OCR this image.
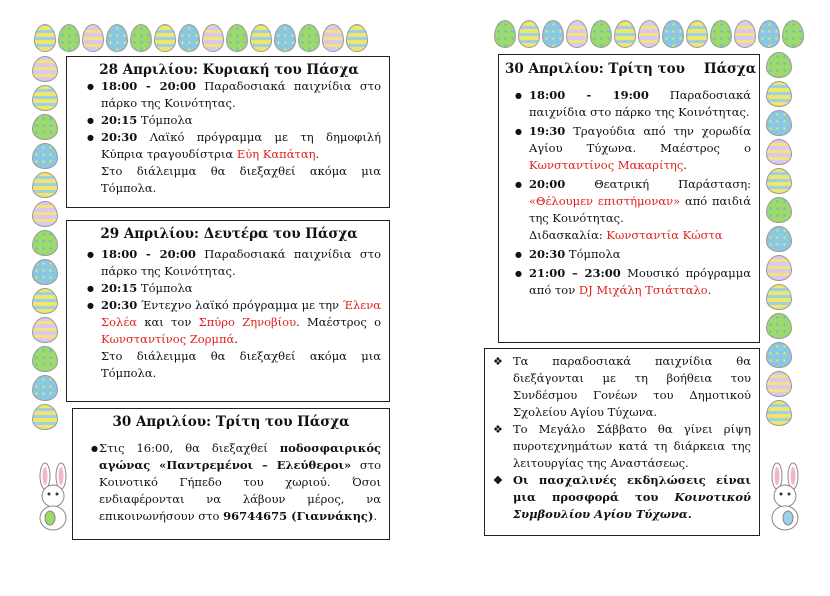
28 Απριλίου: Κυριακή του Πάσχα
● 18:00 - 20:00 Παραδοσιακά παιχνίδια στο πάρκο της Κοινότητας.
● 20:15 Τόμπολα
● 20:30 Λαϊκό πρόγραμμα με τη δημοφιλή Κύπρια τραγουδίστρια Εύη Καπάταη.
Στο διάλειμμα θα διεξαχθεί ακόμα μια Τόμπολα.
29 Απριλίου: Δευτέρα του Πάσχα
● 18:00 - 20:00 Παραδοσιακά παιχνίδια στο πάρκο της Κοινότητας.
● 20:15 Τόμπολα
● 20:30 Έντεχνο λαϊκό πρόγραμμα με την Έλενα Σολέα και τον Σπύρο Ζηνοβίου. Μαέστρος ο Κωνσταντίνος Ζορμπά.
Στο διάλειμμα θα διεξαχθεί ακόμα μια Τόμπολα.
30 Απριλίου: Τρίτη του Πάσχα
● Στις 16:00, θα διεξαχθεί ποδοσφαιρικός αγώνας «Παντρεμένοι – Ελεύθεροι» στο Κοινοτικό Γήπεδο του χωριού. Όσοι ενδιαφέρονται να λάβουν μέρος, να επικοινωνήσουν στο 96744675 (Γιαννάκης).
30 Απριλίου: Τρίτη του    Πάσχα
● 18:00 - 19:00 Παραδοσιακά παιχνίδια στο πάρκο της Κοινότητας.
● 19:30 Τραγούδια από την χορωδία Αγίου Τύχωνα. Μαέστρος ο Κωνσταντίνος Μακαρίτης.
● 20:00	Θεατρική Παράσταση: «Θέλουμεν επιστήμοναν» από παιδιά της Κοινότητας.
Διδασκαλία: Κωνσταντία Κώστα
● 20:30 Τόμπολα
● 21:00 – 23:00 Μουσικό πρόγραμμα από τον DJ Μιχάλη Τσιάτταλο.
❖ Τα παραδοσιακά παιχνίδια θα διεξάγονται με τη βοήθεια του Συνδέσμου Γονέων του Δημοτικού Σχολείου Αγίου Τύχωνα.
❖ Το Μεγάλο Σάββατο θα γίνει ρίψη πυροτεχνημάτων κατά τη διάρκεια της λειτουργίας της Αναστάσεως.
❖ Οι πασχαλινές εκδηλώσεις είναι μια προσφορά του Κοινοτικού Συμβουλίου Αγίου Τύχωνα.
